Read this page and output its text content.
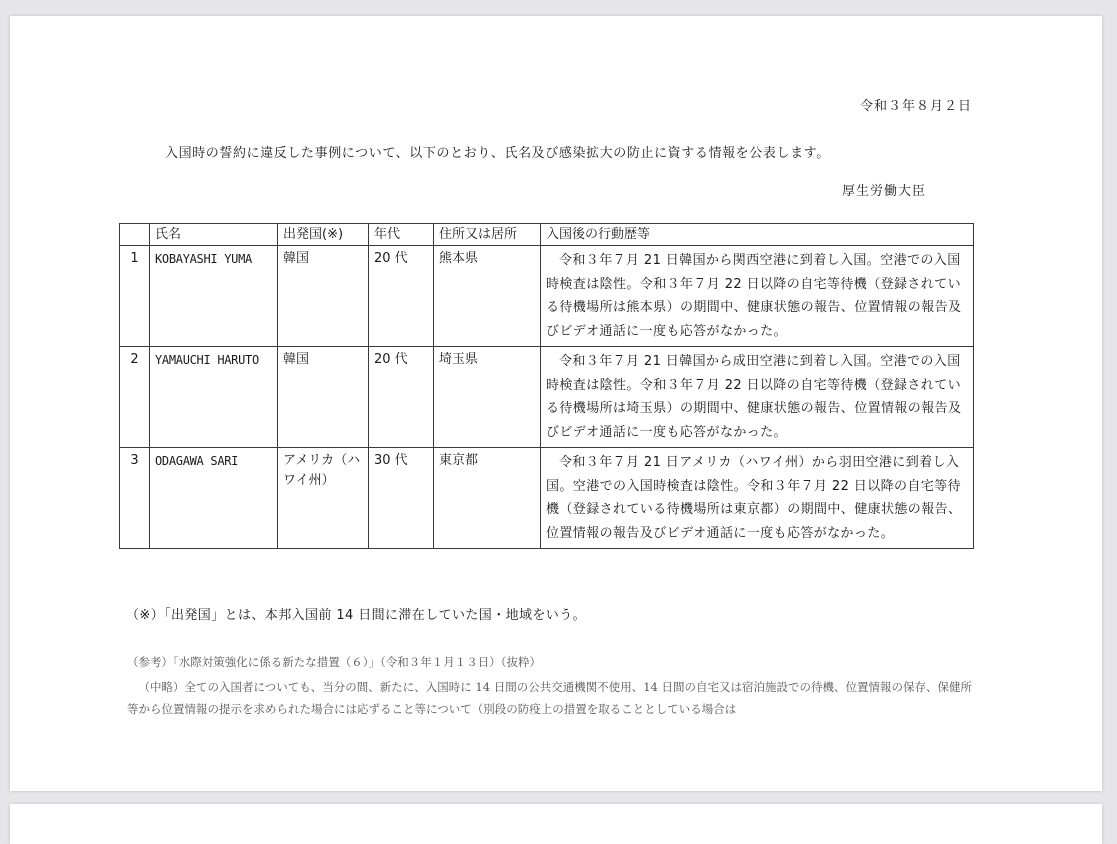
令和３年８月２日
入国時の誓約に違反した事例について、以下のとおり、氏名及び感染拡大の防止に資する情報を公表します。
厚生労働大臣
	氏名	出発国(※)	年代	住所又は居所	入国後の行動歴等
1	KOBAYASHI YUMA	韓国	20 代	熊本県	令和３年７月 21 日韓国から関西空港に到着し入国。空港での入国時検査は陰性。令和３年７月 22 日以降の自宅等待機（登録されている待機場所は熊本県）の期間中、健康状態の報告、位置情報の報告及びビデオ通話に一度も応答がなかった。
2	YAMAUCHI HARUTO	韓国	20 代	埼玉県	令和３年７月 21 日韓国から成田空港に到着し入国。空港での入国時検査は陰性。令和３年７月 22 日以降の自宅等待機（登録されている待機場所は埼玉県）の期間中、健康状態の報告、位置情報の報告及びビデオ通話に一度も応答がなかった。
3	ODAGAWA SARI	アメリカ（ハワイ州）	30 代	東京都	令和３年７月 21 日アメリカ（ハワイ州）から羽田空港に到着し入国。空港での入国時検査は陰性。令和３年７月 22 日以降の自宅等待機（登録されている待機場所は東京都）の期間中、健康状態の報告、位置情報の報告及びビデオ通話に一度も応答がなかった。
（※）「出発国」とは、本邦入国前 14 日間に滞在していた国・地域をいう。
（参考）「水際対策強化に係る新たな措置（６）」（令和３年１月１３日）（抜粋）
（中略）全ての入国者についても、当分の間、新たに、入国時に 14 日間の公共交通機関不使用、14 日間の自宅又は宿泊施設での待機、位置情報の保存、保健所等から位置情報の提示を求められた場合には応ずること等について（別段の防疫上の措置を取ることとしている場合は
